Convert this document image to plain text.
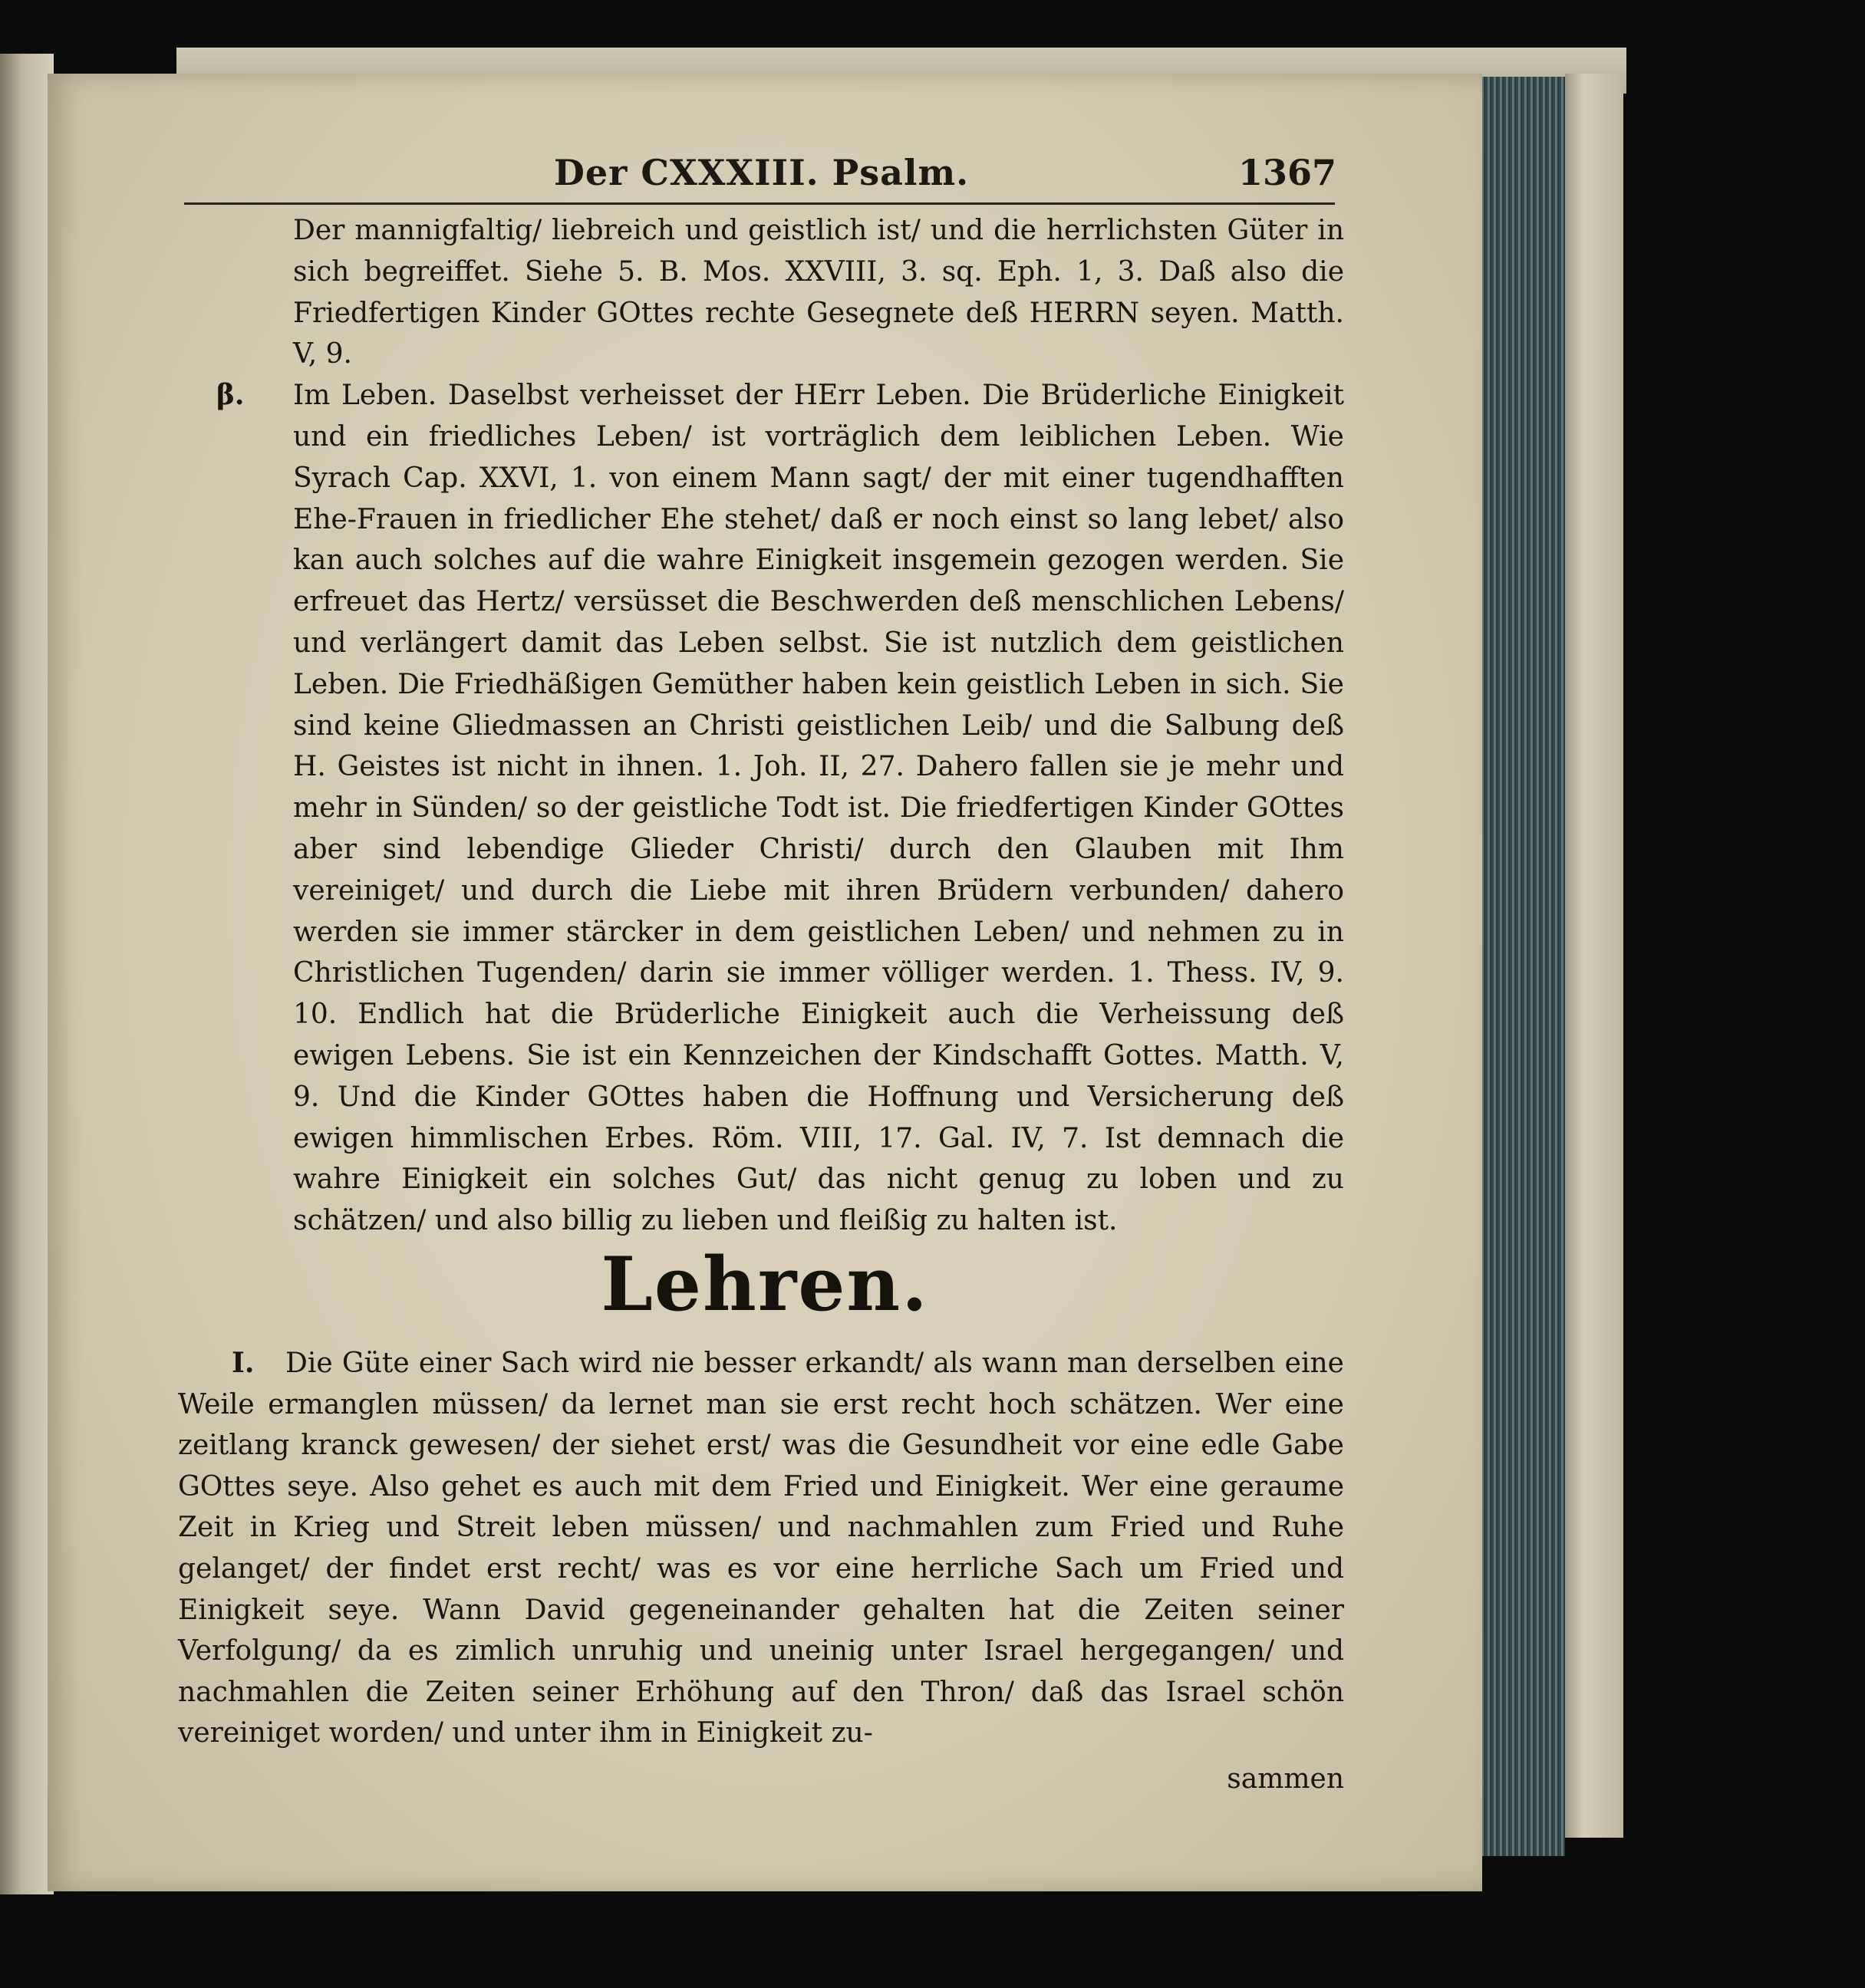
Der CXXXIII. Psalm.	1367

Der mannigfaltig/ liebreich und geistlich ist/ und die herrlichsten Güter in sich begreiffet. Siehe 5. B. Mos. XXVIII, 3. sq. Eph. 1, 3. Daß also die Friedfertigen Kinder GOttes rechte Gesegnete deß HERRN seyen. Matth. V, 9.

β. Im Leben. Daselbst verheisset der HErr Leben. Die Brüderliche Einigkeit und ein friedliches Leben/ ist vorträglich dem leiblichen Leben. Wie Syrach Cap. XXVI, 1. von einem Mann sagt/ der mit einer tugendhafften Ehe-Frauen in friedlicher Ehe stehet/ daß er noch einst so lang lebet/ also kan auch solches auf die wahre Einigkeit insgemein gezogen werden. Sie erfreuet das Hertz/ versüsset die Beschwerden deß menschlichen Lebens/ und verlängert damit das Leben selbst. Sie ist nutzlich dem geistlichen Leben. Die Friedhäßigen Gemüther haben kein geistlich Leben in sich. Sie sind keine Gliedmassen an Christi geistlichen Leib/ und die Salbung deß H. Geistes ist nicht in ihnen. 1. Joh. II, 27. Dahero fallen sie je mehr und mehr in Sünden/ so der geistliche Todt ist. Die friedfertigen Kinder GOttes aber sind lebendige Glieder Christi/ durch den Glauben mit Ihm vereiniget/ und durch die Liebe mit ihren Brüdern verbunden/ dahero werden sie immer stärcker in dem geistlichen Leben/ und nehmen zu in Christlichen Tugenden/ darin sie immer völliger werden. 1. Thess. IV, 9. 10. Endlich hat die Brüderliche Einigkeit auch die Verheissung deß ewigen Lebens. Sie ist ein Kennzeichen der Kindschafft Gottes. Matth. V, 9. Und die Kinder GOttes haben die Hoffnung und Versicherung deß ewigen himmlischen Erbes. Röm. VIII, 17. Gal. IV, 7. Ist demnach die wahre Einigkeit ein solches Gut/ das nicht genug zu loben und zu schätzen/ und also billig zu lieben und fleißig zu halten ist.

Lehren.

I. Die Güte einer Sach wird nie besser erkandt/ als wann man derselben eine Weile ermanglen müssen/ da lernet man sie erst recht hoch schätzen. Wer eine zeitlang kranck gewesen/ der siehet erst/ was die Gesundheit vor eine edle Gabe GOttes seye. Also gehet es auch mit dem Fried und Einigkeit. Wer eine geraume Zeit in Krieg und Streit leben müssen/ und nachmahlen zum Fried und Ruhe gelanget/ der findet erst recht/ was es vor eine herrliche Sach um Fried und Einigkeit seye. Wann David gegeneinander gehalten hat die Zeiten seiner Verfolgung/ da es zimlich unruhig und uneinig unter Israel hergegangen/ und nachmahlen die Zeiten seiner Erhöhung auf den Thron/ daß das Israel schön vereiniget worden/ und unter ihm in Einigkeit zu-

sammen
